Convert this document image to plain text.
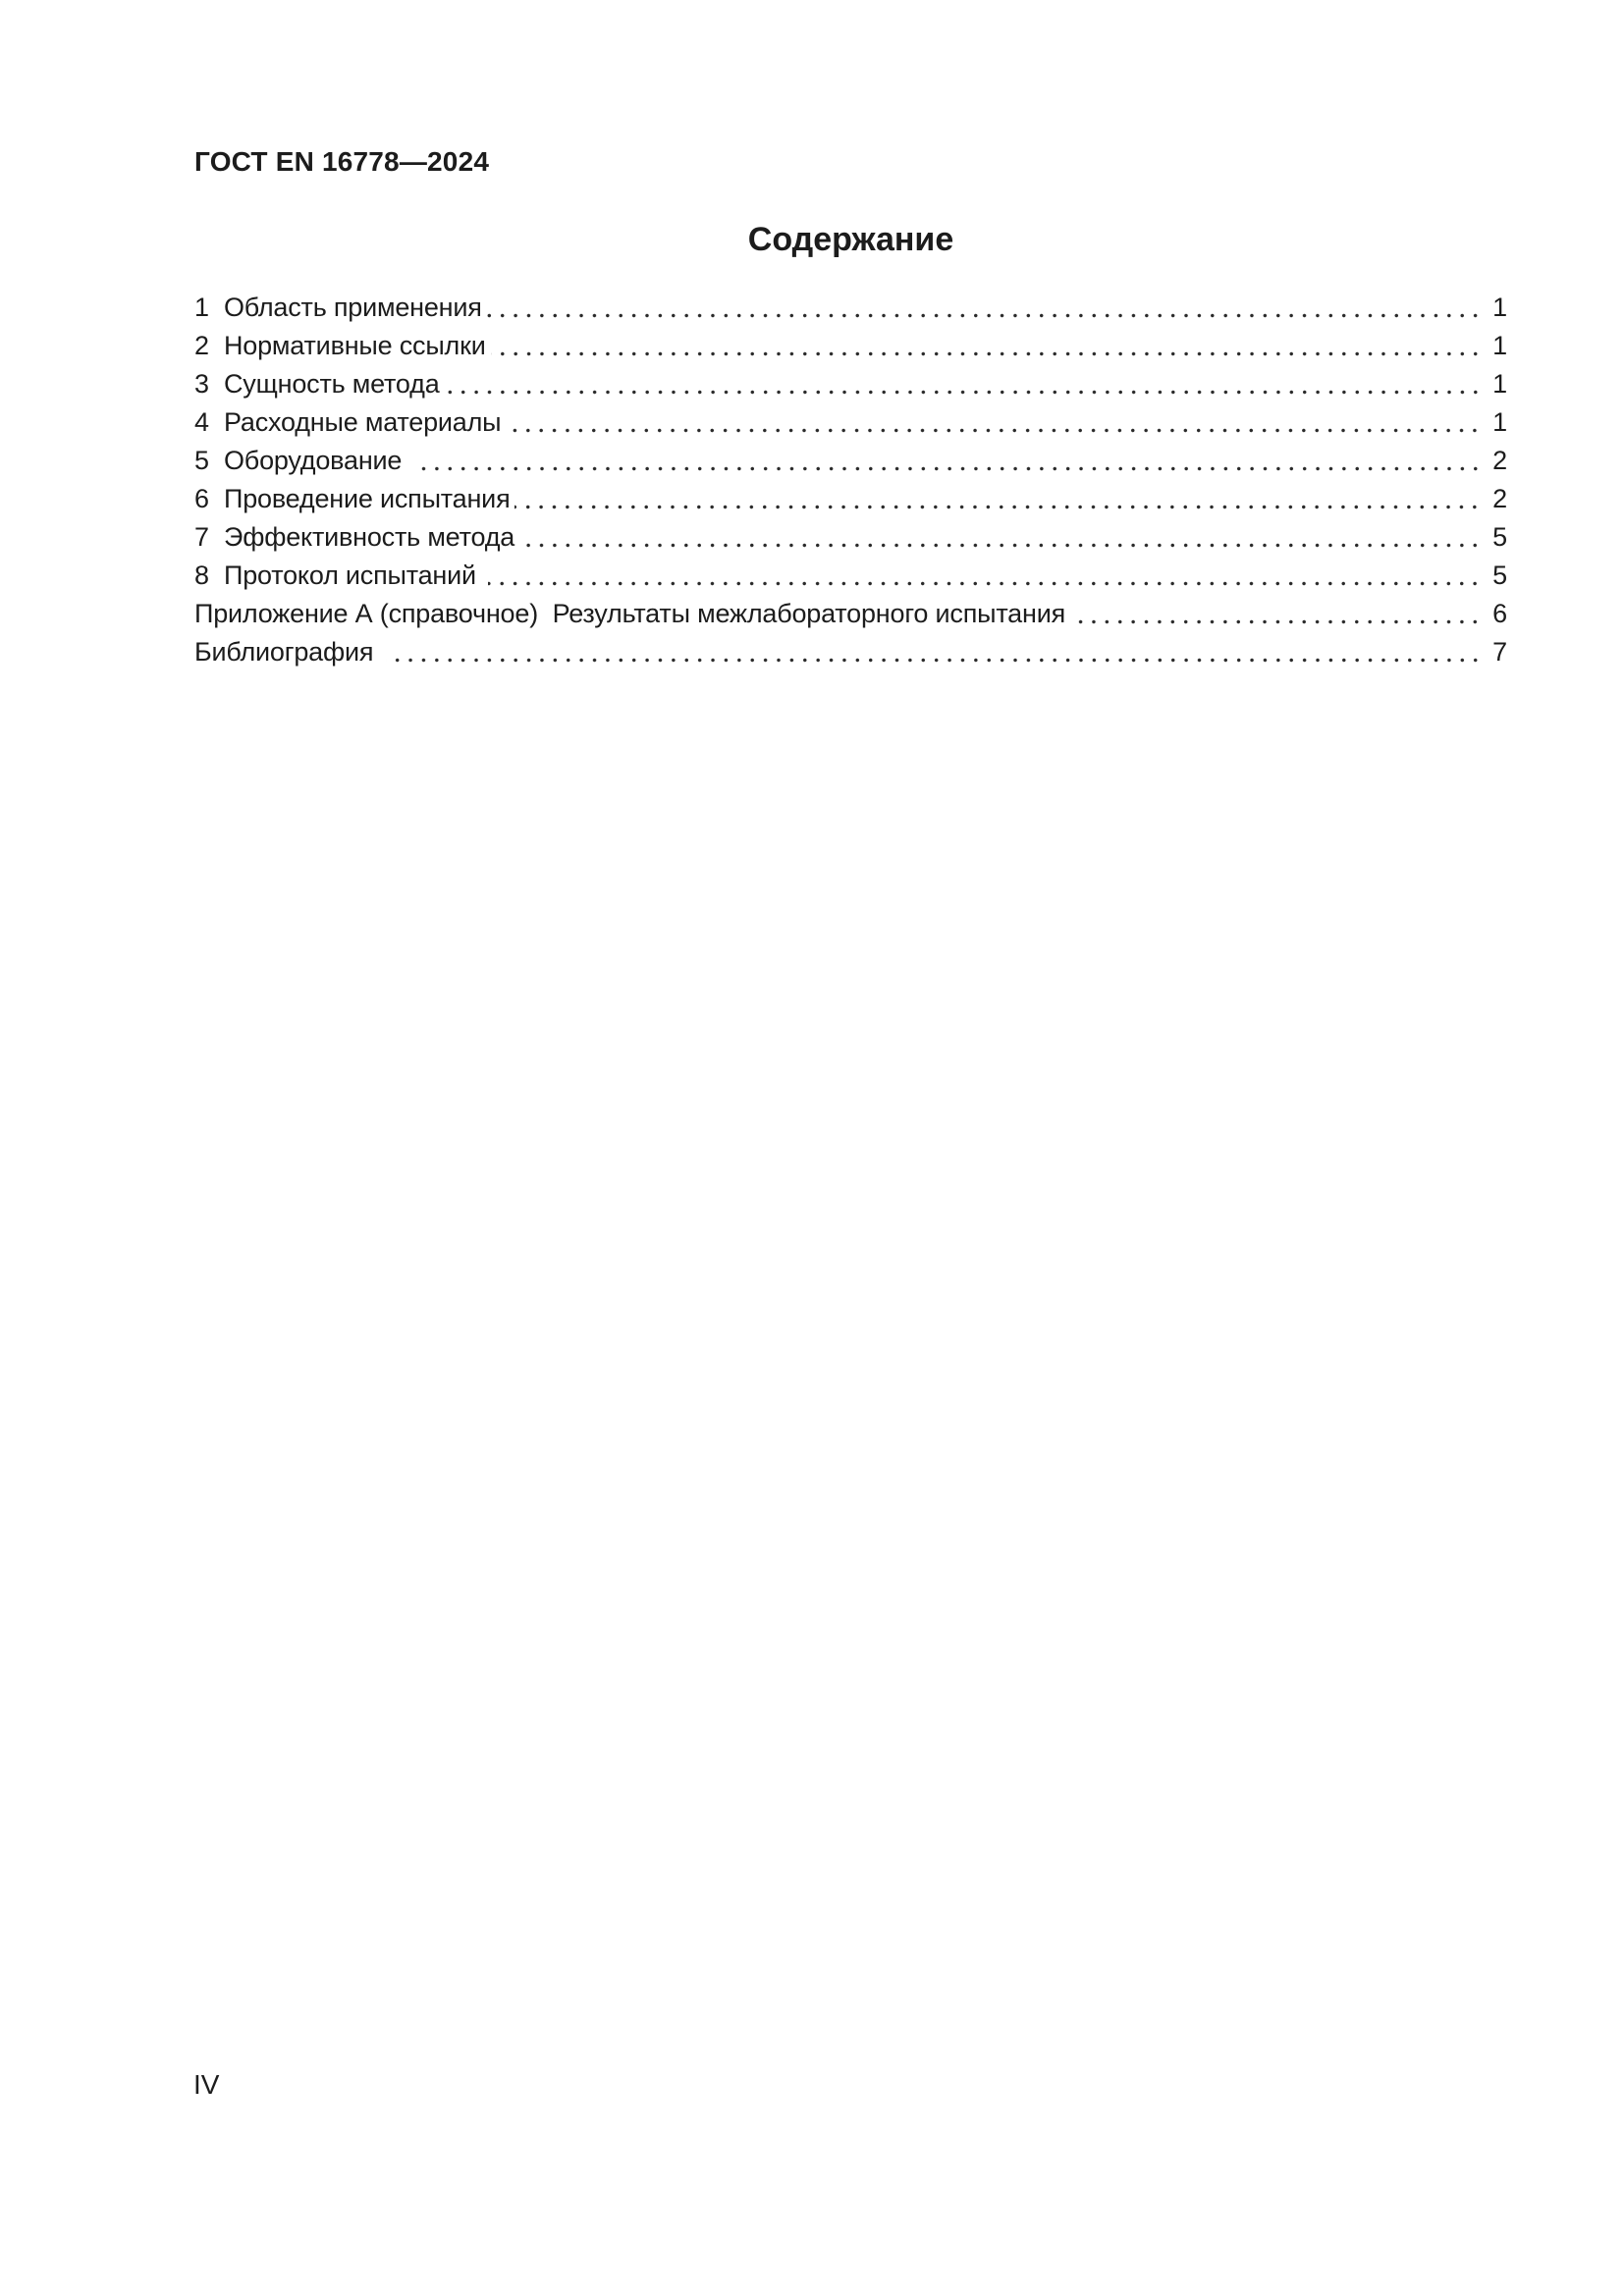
ГОСТ EN 16778—2024
Содержание
1 Область применения	1
2 Нормативные ссылки	1
3 Сущность метода	1
4 Расходные материалы	1
5 Оборудование	2
6 Проведение испытания	2
7 Эффективность метода	5
8 Протокол испытаний	5
Приложение А (справочное)  Результаты межлабораторного испытания	6
Библиография	7
IV
